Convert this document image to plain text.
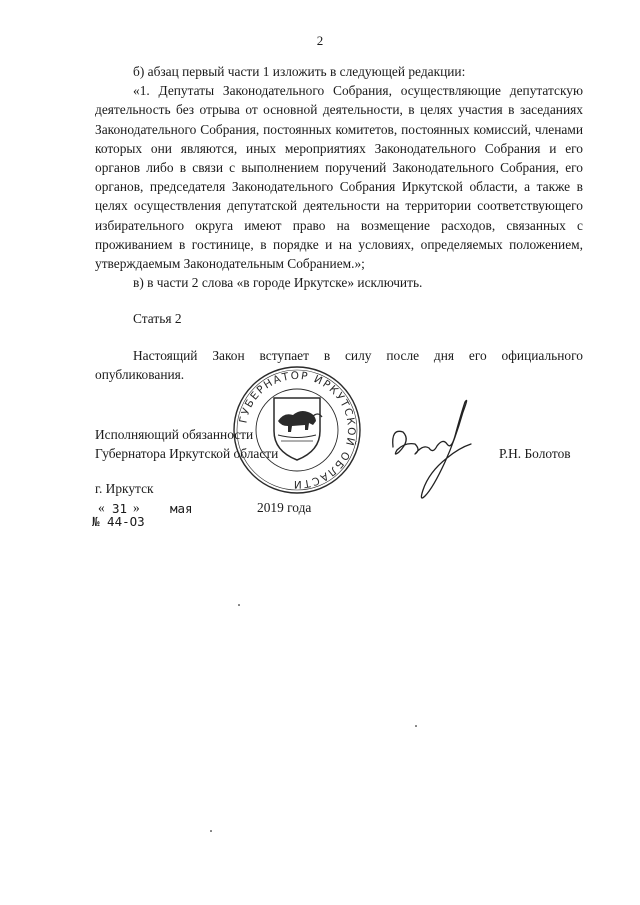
2

б) абзац первый части 1 изложить в следующей редакции:

«1. Депутаты Законодательного Собрания, осуществляющие депутатскую деятельность без отрыва от основной деятельности, в целях участия в заседаниях Законодательного Собрания, постоянных комитетов, постоянных комиссий, членами которых они являются, иных мероприятиях Законодательного Собрания и его органов либо в связи с выполнением поручений Законодательного Собрания, его органов, председателя Законодательного Собрания Иркутской области, а также в целях осуществления депутатской деятельности на территории соответствующего избирательного округа имеют право на возмещение расходов, связанных с проживанием в гостинице, в порядке и на условиях, определяемых положением, утверждаемым Законодательным Собранием.»;

в) в части 2 слова «в городе Иркутске» исключить.

Статья 2

Настоящий Закон вступает в силу после дня его официального опубликования.

ГУБЕРНАТОР ИРКУТСКОЙ ОБЛАСТИ
Исполняющий обязанности
Губернатора Иркутской области	Р.Н. Болотов
г. Иркутск
« 31 » мая	2019 года
№ 44-ОЗ
